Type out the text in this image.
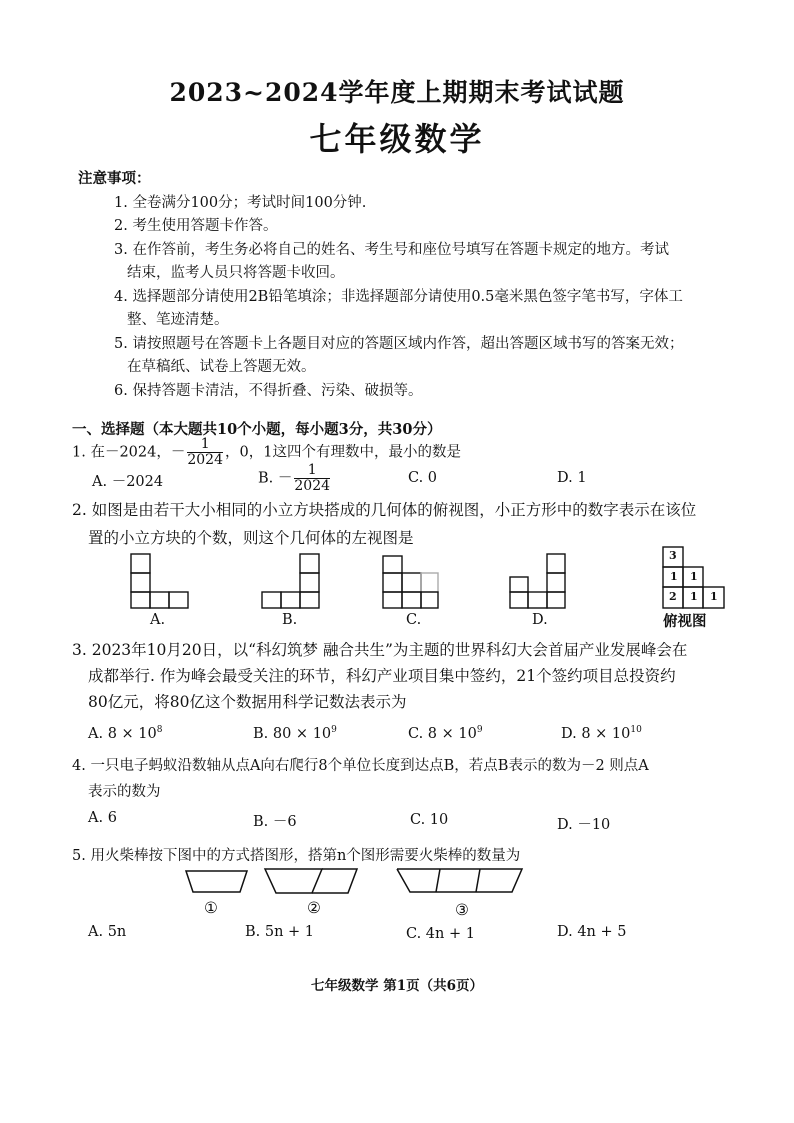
2023~2024学年度上期期末考试试题
七年级数学
注意事项：
1. 全卷满分100分；考试时间100分钟.
2. 考生使用答题卡作答。
3. 在作答前，考生务必将自己的姓名、考生号和座位号填写在答题卡规定的地方。考试
结束，监考人员只将答题卡收回。
4. 选择题部分请使用2B铅笔填涂；非选择题部分请使用0.5毫米黑色签字笔书写，字体工
整、笔迹清楚。
5. 请按照题号在答题卡上各题目对应的答题区域内作答，超出答题区域书写的答案无效；
在草稿纸、试卷上答题无效。
6. 保持答题卡清洁，不得折叠、污染、破损等。
一、选择题（本大题共10个小题，每小题3分，共30分）
1. 在－2024，－ $\frac{1}{2024}$ ，0，1这四个有理数中，最小的数是
A. －2024	B. － $\frac{1}{2024}$	C. 0	D. 1
2. 如图是由若干大小相同的小立方块搭成的几何体的俯视图，小正方形中的数字表示在该位
置的小立方块的个数，则这个几何体的左视图是
3
1 1
2 1 1
A.	B.	C.	D.	俯视图
3. 2023年10月20日，以“科幻筑梦 融合共生”为主题的世界科幻大会首届产业发展峰会在
成都举行. 作为峰会最受关注的环节，科幻产业项目集中签约，21个签约项目总投资约
80亿元，将80亿这个数据用科学记数法表示为
A. $8 \times 10^8$	B. $80 \times 10^9$	C. $8 \times 10^9$	D. $8 \times 10^{10}$
4. 一只电子蚂蚁沿数轴从点A向右爬行8个单位长度到达点B，若点B表示的数为－2 则点A
表示的数为
A. 6	B. －6	C. 10	D. －10
5. 用火柴棒按下图中的方式搭图形，搭第n个图形需要火柴棒的数量为
①	②	③
A. 5n	B. 5n + 1	C. 4n + 1	D. 4n + 5
七年级数学 第1页（共6页）
